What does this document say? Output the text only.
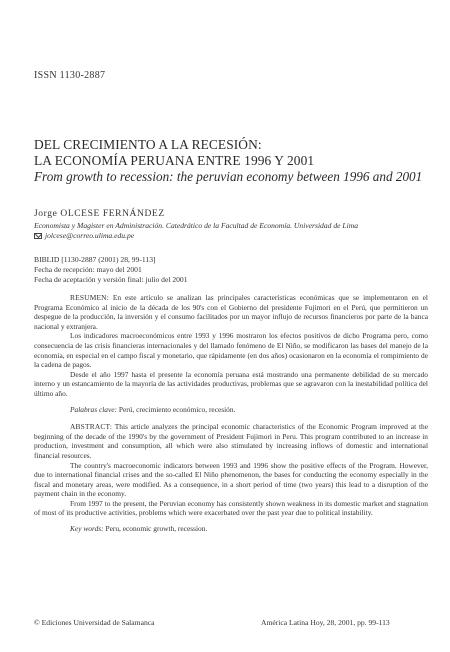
ISSN 1130-2887
DEL CRECIMIENTO A LA RECESIÓN:
LA ECONOMÍA PERUANA ENTRE 1996 Y 2001
From growth to recession: the peruvian economy between 1996 and 2001
Jorge OLCESE FERNÁNDEZ
Economista y Magister en Administración. Catedrático de la Facultad de Economía. Universidad de Lima
jolcese@correo.ulima.edu.pe
BIBLID [1130-2887 (2001) 28, 99-113]
Fecha de recepción: mayo del 2001
Fecha de aceptación y versión final: julio del 2001

RESUMEN: En este artículo se analizan las principales características económicas que se implementaron en el Programa Económico al inicio de la década de los 90's con el Gobierno del presidente Fujimori en el Perú, que permitieron un despegue de la producción, la inversión y el consumo facilitados por un mayor influjo de recursos financieros por parte de la banca nacional y extranjera.

Los indicadores macroeconómicos entre 1993 y 1996 mostraron los efectos positivos de dicho Programa pero, como consecuencia de las crisis financieras internacionales y del llamado fenómeno de El Niño, se modificaron las bases del manejo de la economía, en especial en el campo fiscal y monetario, que rápidamente (en dos años) ocasionaron en la economía el rompimiento de la cadena de pagos.

Desde el año 1997 hasta el presente la economía peruana está mostrando una permanente debilidad de su mercado interno y un estancamiento de la mayoría de las actividades productivas, problemas que se agravaron con la inestabilidad política del último año.

Palabras clave: Perú, crecimiento económico, recesión.

ABSTRACT: This article analyzes the principal economic characteristics of the Economic Program improved at the beginning of the decade of the 1990's by the government of President Fujimori in Peru. This program contributed to an increase in production, investment and consumption, all which were also stimulated by increasing inflows of domestic and international financial resources.

The country's macroeconomic indicators between 1993 and 1996 show the positive effects of the Program. However, due to international financial crises and the so-called El Niño phenomenon, the bases for conducting the economy especially in the fiscal and monetary areas, were modified. As a consequence, in a short period of time (two years) this lead to a disruption of the payment chain in the economy.

From 1997 to the present, the Peruvian economy has consistently shown weakness in its domestic market and stagnation of most of its productive activities, problems which were exacerbated over the past year due to political instability.

Key words: Peru, economic growth, recession.

© Ediciones Universidad de Salamanca	América Latina Hoy, 28, 2001, pp. 99-113
